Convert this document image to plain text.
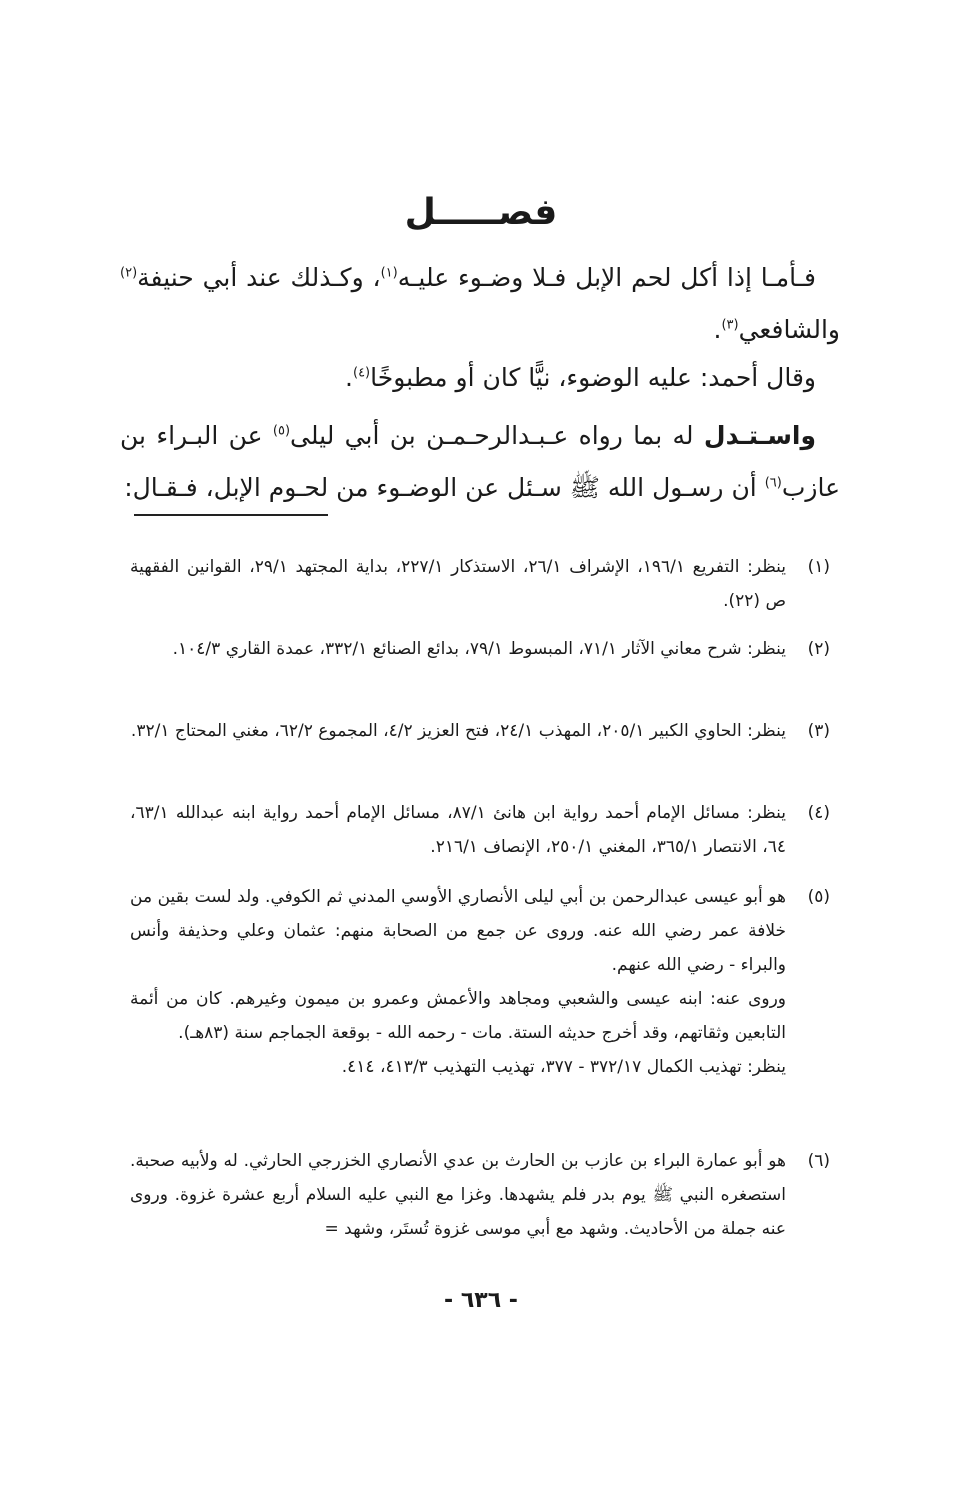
فصـــــل

فـأمـا إذا أكل لحم الإبل فـلا وضـوء عليـه$^{(١)}$، وكـذلك عند أبي حنيفة$^{(٢)}$ والشافعي$^{(٣)}$.

وقال أحمد: عليه الوضوء، نيًّا كان أو مطبوخًا$^{(٤)}$.

واسـتـدل له بما رواه عـبـدالرحـمـن بن أبي ليلى$^{(٥)}$ عن البـراء بن عازب$^{(٦)}$ أن رسـول الله ﷺ سـئل عن الوضـوء من لحـوم الإبل، فـقـال:

(١)
ينظر: التفريع ١٩٦/١، الإشراف ٢٦/١، الاستذكار ٢٢٧/١، بداية المجتهد ٢٩/١، القوانين الفقهية ص (٢٢).
(٢)
ينظر: شرح معاني الآثار ٧١/١، المبسوط ٧٩/١، بدائع الصنائع ٣٣٢/١، عمدة القاري ١٠٤/٣.
(٣)
ينظر: الحاوي الكبير ٢٠٥/١، المهذب ٢٤/١، فتح العزيز ٤/٢، المجموع ٦٢/٢، مغني المحتاج ٣٢/١.
(٤)
ينظر: مسائل الإمام أحمد رواية ابن هانئ ٨٧/١، مسائل الإمام أحمد رواية ابنه عبدالله ٦٣/١، ٦٤، الانتصار ٣٦٥/١، المغني ٢٥٠/١، الإنصاف ٢١٦/١.
(٥)
هو أبو عيسى عبدالرحمن بن أبي ليلى الأنصاري الأوسي المدني ثم الكوفي. ولد لست بقين من خلافة عمر رضي الله عنه. وروى عن جمع من الصحابة منهم: عثمان وعلي وحذيفة وأنس والبراء - رضي الله عنهم.
وروى عنه: ابنه عيسى والشعبي ومجاهد والأعمش وعمرو بن ميمون وغيرهم. كان من أئمة التابعين وثقاتهم، وقد أخرج حديثه الستة. مات - رحمه الله - بوقعة الجماجم سنة (٨٣هـ).
ينظر: تهذيب الكمال ٣٧٢/١٧ - ٣٧٧، تهذيب التهذيب ٤١٣/٣، ٤١٤.
(٦)
هو أبو عمارة البراء بن عازب بن الحارث بن عدي الأنصاري الخزرجي الحارثي. له ولأبيه صحبة. استصغره النبي ﷺ يوم بدر فلم يشهدها. وغزا مع النبي عليه السلام أربع عشرة غزوة. وروى عنه جملة من الأحاديث. وشهد مع أبي موسى غزوة تُستَر، وشهد =
- ٦٣٦ -
